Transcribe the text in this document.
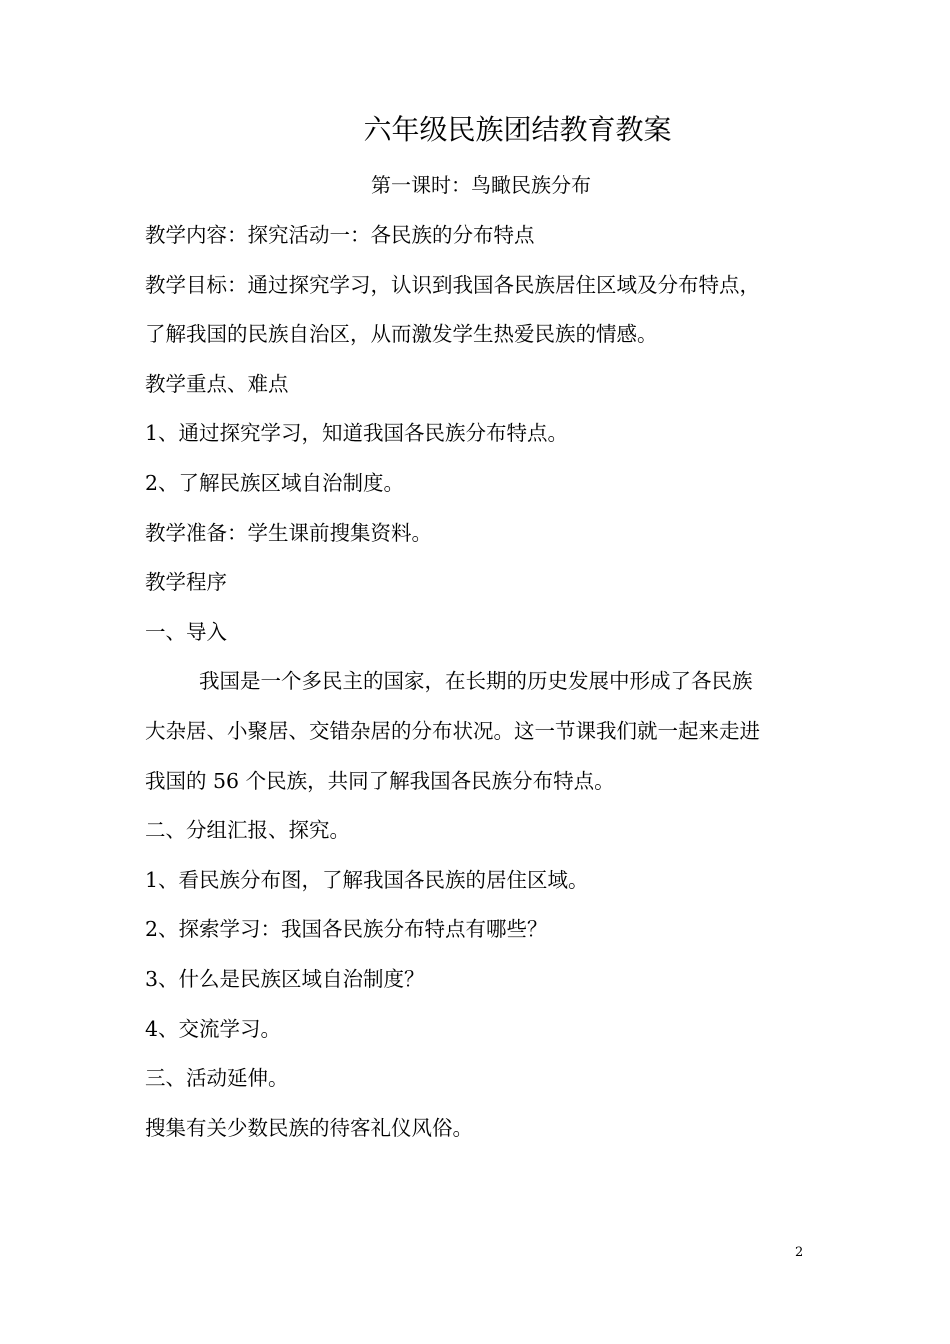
六年级民族团结教育教案
第一课时：鸟瞰民族分布
教学内容：探究活动一：各民族的分布特点
教学目标：通过探究学习，认识到我国各民族居住区域及分布特点，
了解我国的民族自治区，从而激发学生热爱民族的情感。
教学重点、难点
1、通过探究学习，知道我国各民族分布特点。
2、了解民族区域自治制度。
教学准备：学生课前搜集资料。
教学程序
一、导入
我国是一个多民主的国家，在长期的历史发展中形成了各民族
大杂居、小聚居、交错杂居的分布状况。这一节课我们就一起来走进
我国的 56 个民族，共同了解我国各民族分布特点。
二、分组汇报、探究。
1、看民族分布图，了解我国各民族的居住区域。
2、探索学习：我国各民族分布特点有哪些？
3、什么是民族区域自治制度？
4、交流学习。
三、活动延伸。
搜集有关少数民族的待客礼仪风俗。
2
